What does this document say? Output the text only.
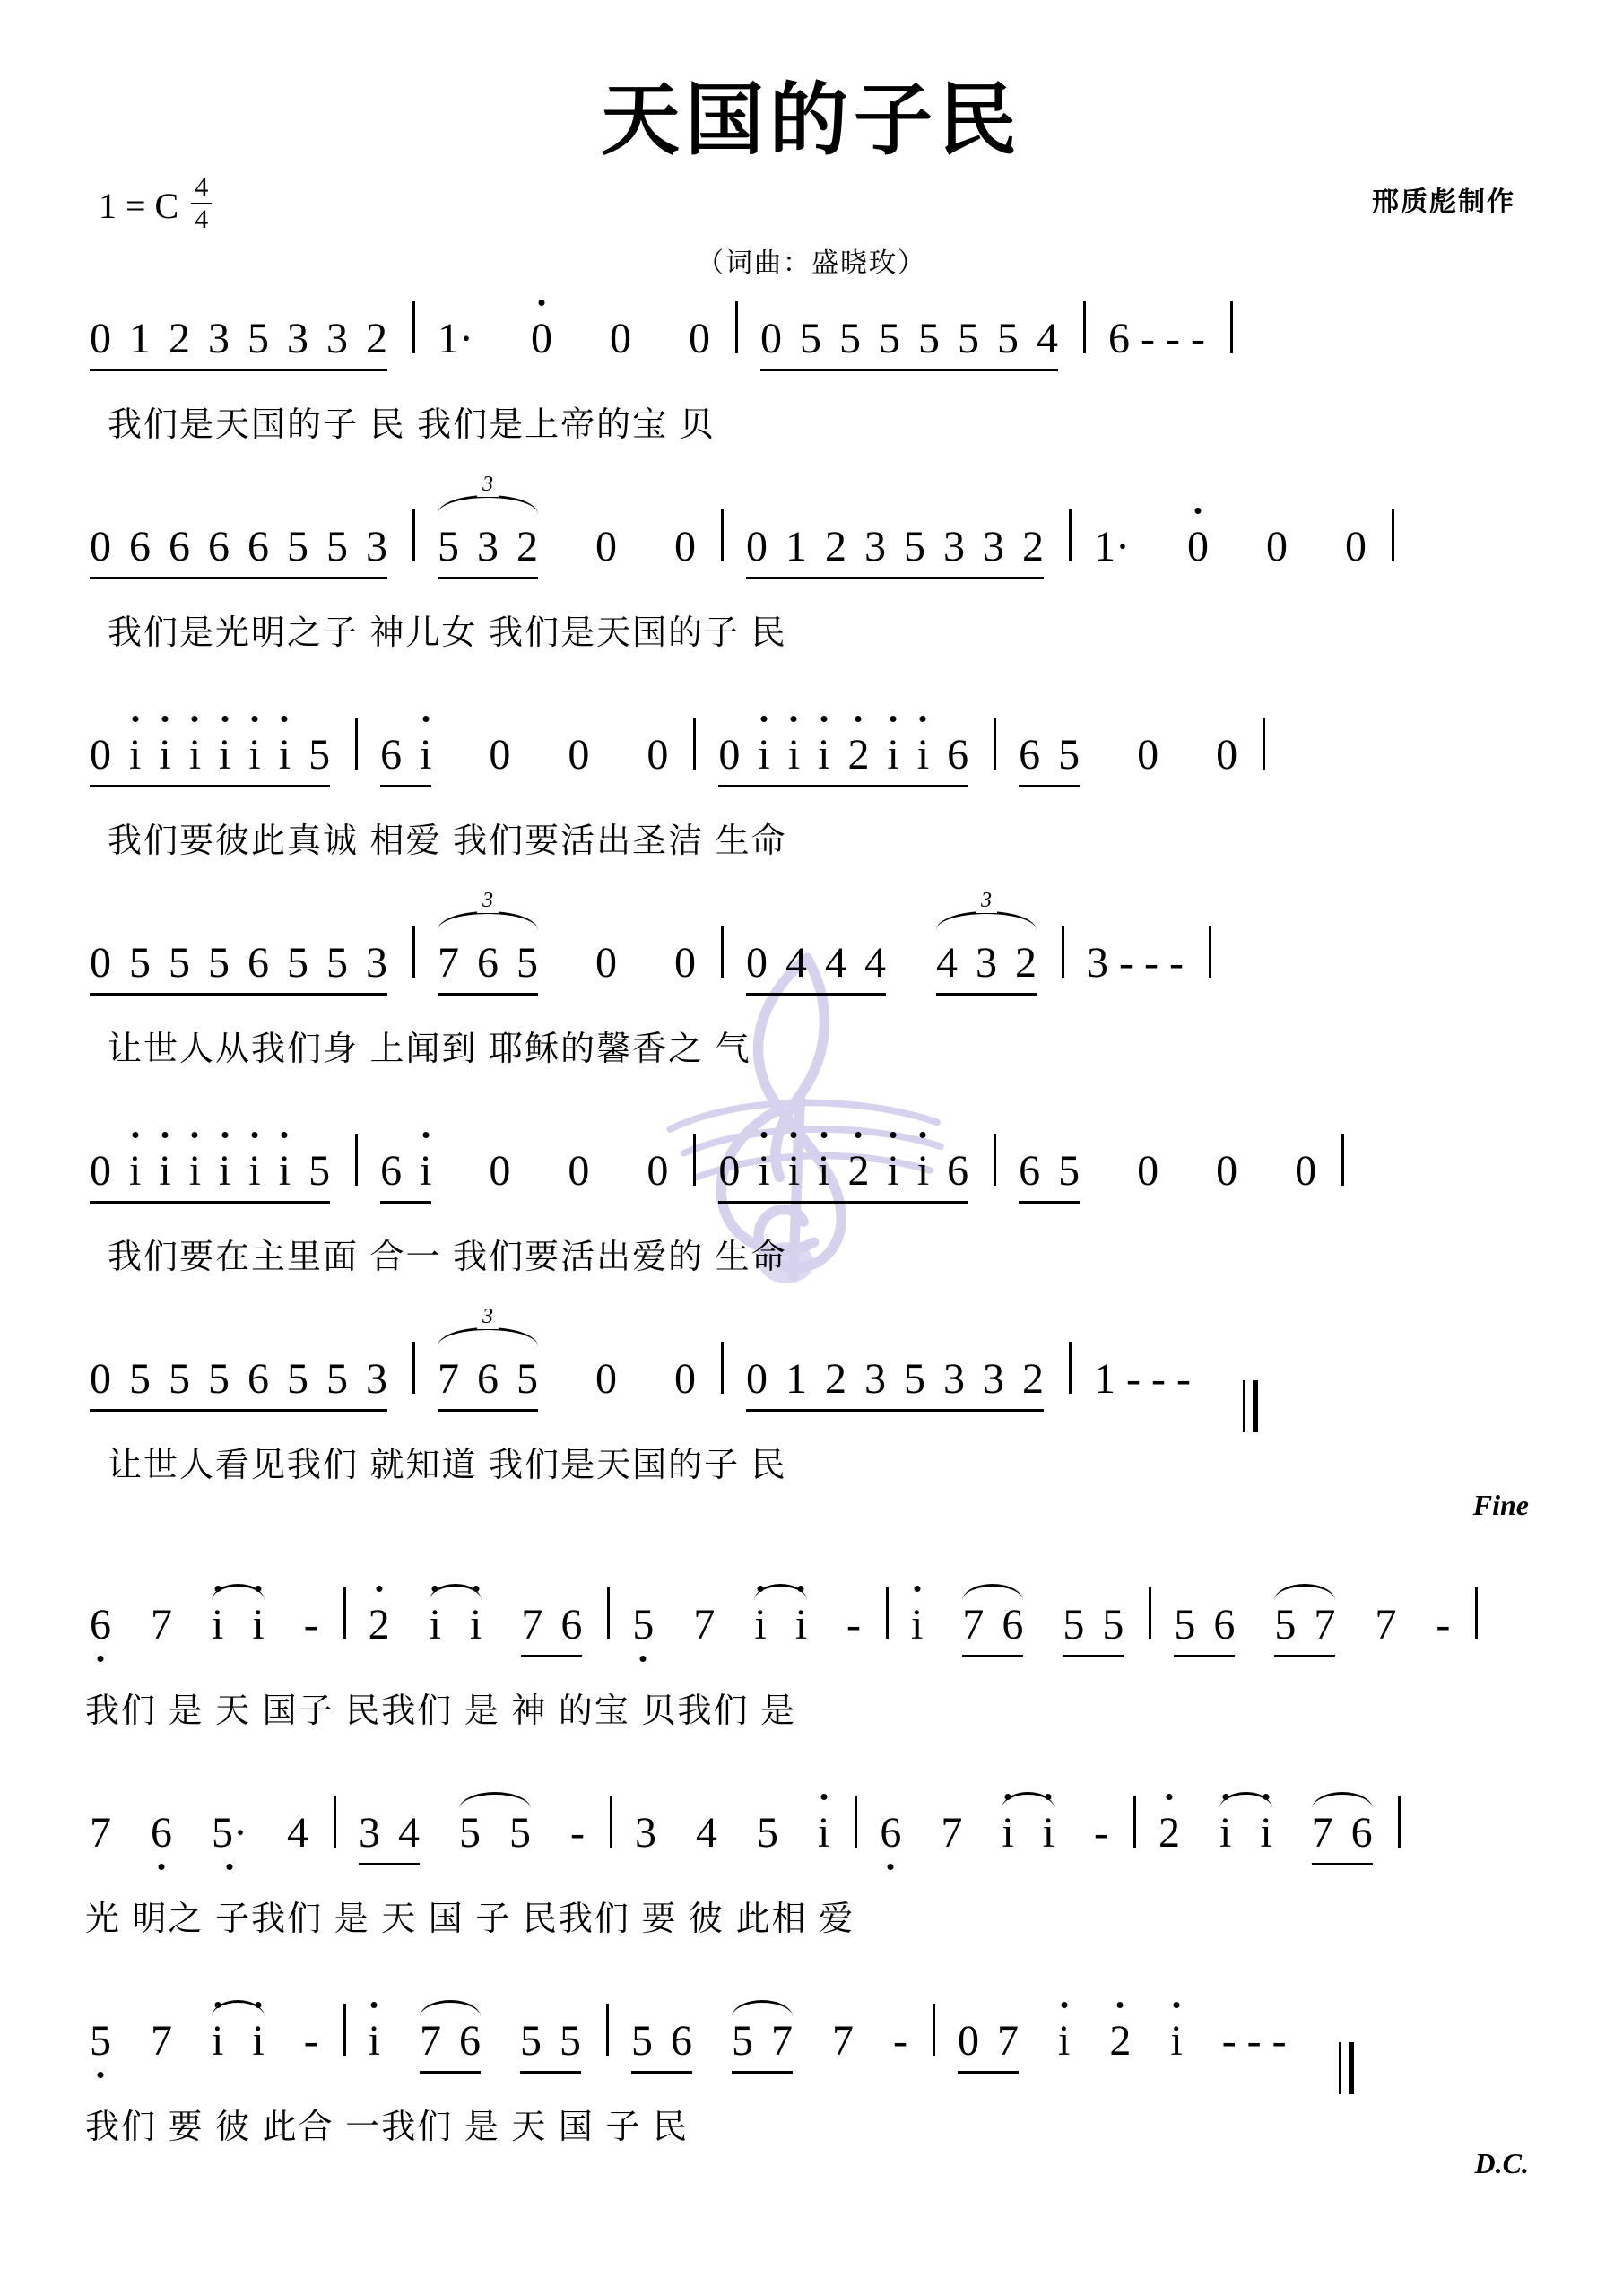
天国的子民
1 = C $\frac{4}{4}$	邢质彪制作
（词曲：盛晓玫）
0 1 2 3 5 3 3 2 1· 0 0 0 0 5 5 5 5 5 5 4 6 - - -
我们是天国的子 民 我们是上帝的宝 贝
0 6 6 6 6 5 5 3
3
5 3 2 0 0 0 1 2 3 5 3 3 2 1· 0 0 0
我们是光明之子 神儿女 我们是天国的子 民
0 i i i i i i 5 6 i 0 0 0 0 i i i 2 i i 6 6 5 0 0
我们要彼此真诚 相爱 我们要活出圣洁 生命
0 5 5 5 6 5 5 3
3
7 6 5 0 0 0 4 4 4
3
4 3 2 3 - - -
让世人从我们身 上闻到 耶稣的馨香之 气
0 i i i i i i 5 6 i 0 0 0 0 i i i 2 i i 6 6 5 0 0 0
我们要在主里面 合一 我们要活出爱的 生命
0 5 5 5 6 5 5 3
3
7 6 5 0 0 0 1 2 3 5 3 3 2 1 - - -
让世人看见我们 就知道 我们是天国的子 民
Fine
6 7 i i - 2 i i 7 6 5 7 i i - i 7 6 5 5 5 6 5 7 7 -
我们 是 天 国子 民我们 是 神 的宝 贝我们 是
7 6 5· 4 3 4 5 5 - 3 4 5 i 6 7 i i - 2 i i 7 6
光 明之 子我们 是 天 国 子 民我们 要 彼 此相 爱
5 7 i i - i 7 6 5 5 5 6 5 7 7 - 0 7 i 2 i - - -
我们 要 彼 此合 一我们 是 天 国 子 民
D.C.
